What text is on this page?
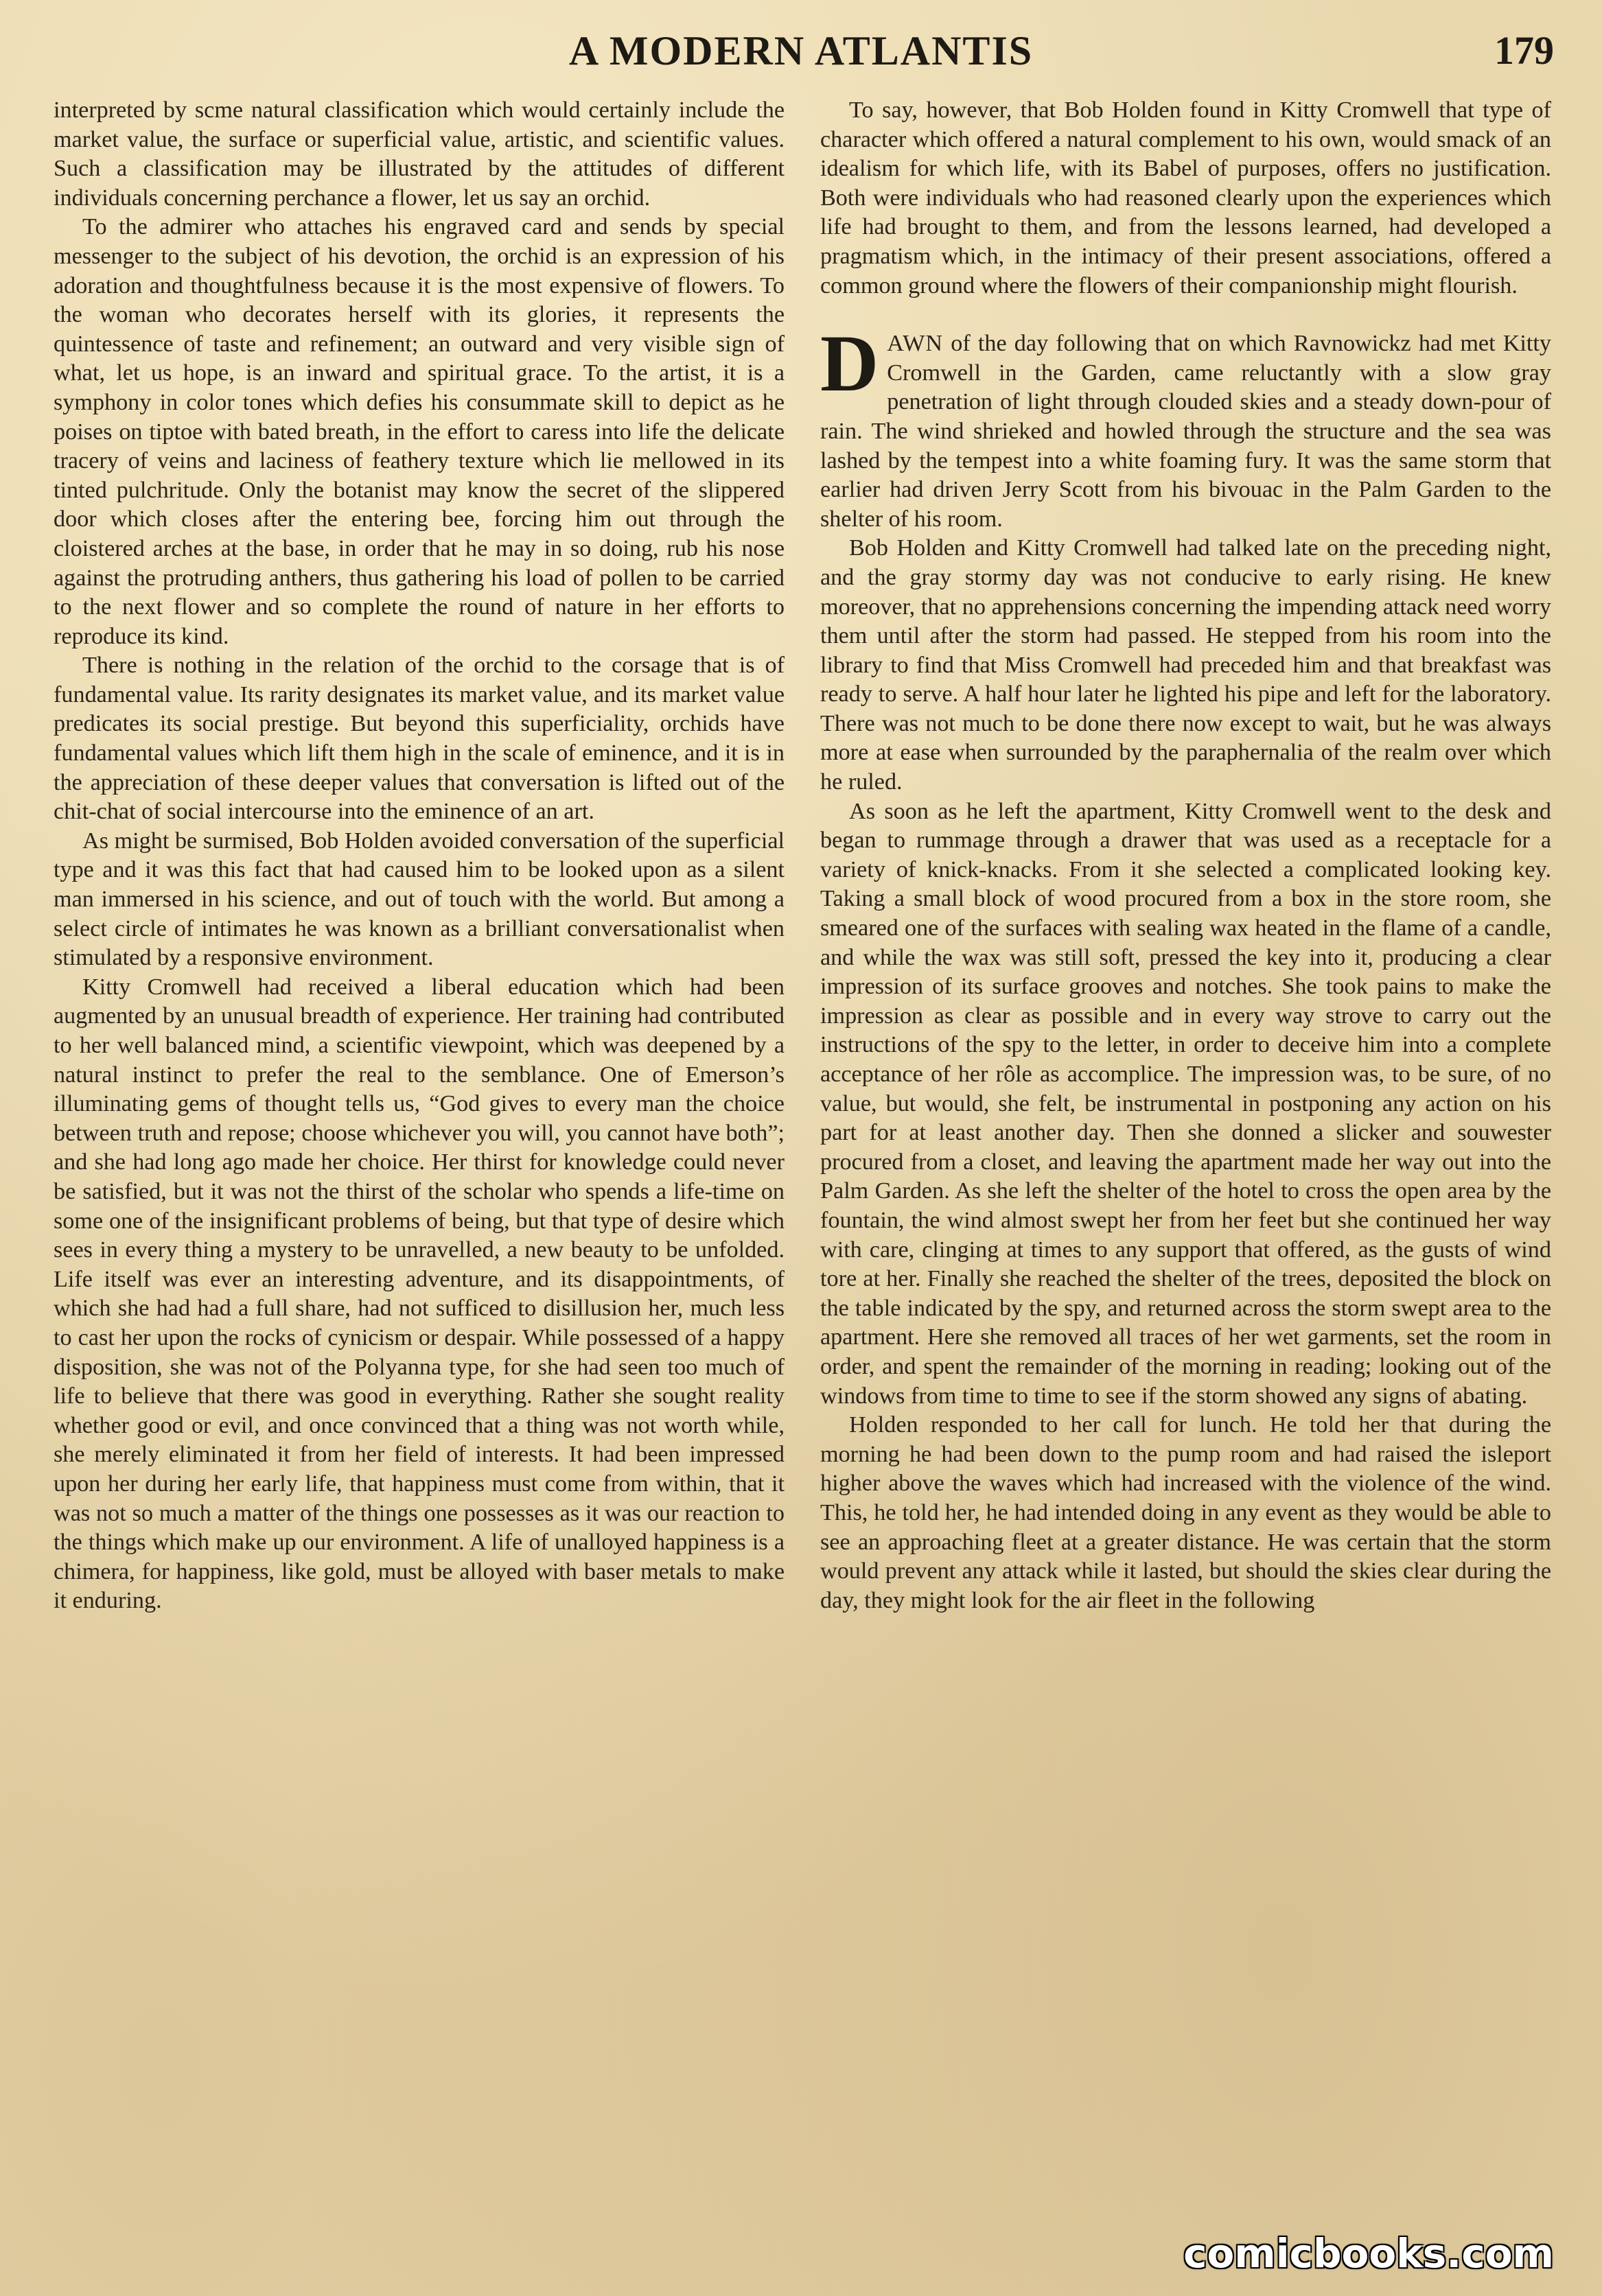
A MODERN ATLANTIS	179

interpreted by scme natural classification which would certainly include the market value, the surface or superficial value, artistic, and scientific values. Such a classification may be illustrated by the attitudes of different individuals concerning perchance a flower, let us say an orchid.

To the admirer who attaches his engraved card and sends by special messenger to the subject of his devotion, the orchid is an expression of his adoration and thoughtfulness because it is the most expensive of flowers. To the woman who decorates herself with its glories, it represents the quintessence of taste and refinement; an outward and very visible sign of what, let us hope, is an inward and spiritual grace. To the artist, it is a symphony in color tones which defies his consummate skill to depict as he poises on tiptoe with bated breath, in the effort to caress into life the delicate tracery of veins and laciness of feathery texture which lie mellowed in its tinted pulchritude. Only the botanist may know the secret of the slippered door which closes after the entering bee, forcing him out through the cloistered arches at the base, in order that he may in so doing, rub his nose against the protruding anthers, thus gathering his load of pollen to be carried to the next flower and so complete the round of nature in her efforts to reproduce its kind.

There is nothing in the relation of the orchid to the corsage that is of fundamental value. Its rarity designates its market value, and its market value predicates its social prestige. But beyond this superficiality, orchids have fundamental values which lift them high in the scale of eminence, and it is in the appreciation of these deeper values that conversation is lifted out of the chit-chat of social intercourse into the eminence of an art.

As might be surmised, Bob Holden avoided conversation of the superficial type and it was this fact that had caused him to be looked upon as a silent man immersed in his science, and out of touch with the world. But among a select circle of intimates he was known as a brilliant conversationalist when stimulated by a responsive environment.

Kitty Cromwell had received a liberal education which had been augmented by an unusual breadth of experience. Her training had contributed to her well balanced mind, a scientific viewpoint, which was deepened by a natural instinct to prefer the real to the semblance. One of Emerson’s illuminating gems of thought tells us, “God gives to every man the choice between truth and repose; choose whichever you will, you cannot have both”; and she had long ago made her choice. Her thirst for knowledge could never be satisfied, but it was not the thirst of the scholar who spends a life-time on some one of the insignificant problems of being, but that type of desire which sees in every thing a mystery to be unravelled, a new beauty to be unfolded. Life itself was ever an interesting adventure, and its disappointments, of which she had had a full share, had not sufficed to disillusion her, much less to cast her upon the rocks of cynicism or despair. While possessed of a happy disposition, she was not of the Polyanna type, for she had seen too much of life to believe that there was good in everything. Rather she sought reality whether good or evil, and once convinced that a thing was not worth while, she merely eliminated it from her field of interests. It had been impressed upon her during her early life, that happiness must come from within, that it was not so much a matter of the things one possesses as it was our reaction to the things which make up our environment. A life of unalloyed happiness is a chimera, for happiness, like gold, must be alloyed with baser metals to make it enduring.

To say, however, that Bob Holden found in Kitty Cromwell that type of character which offered a natural complement to his own, would smack of an idealism for which life, with its Babel of purposes, offers no justification. Both were individuals who had reasoned clearly upon the experiences which life had brought to them, and from the lessons learned, had developed a pragmatism which, in the intimacy of their present associations, offered a common ground where the flowers of their companionship might flourish.

DAWN of the day following that on which Ravnowickz had met Kitty Cromwell in the Garden, came reluctantly with a slow gray penetration of light through clouded skies and a steady down-pour of rain. The wind shrieked and howled through the structure and the sea was lashed by the tempest into a white foaming fury. It was the same storm that earlier had driven Jerry Scott from his bivouac in the Palm Garden to the shelter of his room.

Bob Holden and Kitty Cromwell had talked late on the preceding night, and the gray stormy day was not conducive to early rising. He knew moreover, that no apprehensions concerning the impending attack need worry them until after the storm had passed. He stepped from his room into the library to find that Miss Cromwell had preceded him and that breakfast was ready to serve. A half hour later he lighted his pipe and left for the laboratory. There was not much to be done there now except to wait, but he was always more at ease when surrounded by the paraphernalia of the realm over which he ruled.

As soon as he left the apartment, Kitty Cromwell went to the desk and began to rummage through a drawer that was used as a receptacle for a variety of knick-knacks. From it she selected a complicated looking key. Taking a small block of wood procured from a box in the store room, she smeared one of the surfaces with sealing wax heated in the flame of a candle, and while the wax was still soft, pressed the key into it, producing a clear impression of its surface grooves and notches. She took pains to make the impression as clear as possible and in every way strove to carry out the instructions of the spy to the letter, in order to deceive him into a complete acceptance of her rôle as accomplice. The impression was, to be sure, of no value, but would, she felt, be instrumental in postponing any action on his part for at least another day. Then she donned a slicker and souwester procured from a closet, and leaving the apartment made her way out into the Palm Garden. As she left the shelter of the hotel to cross the open area by the fountain, the wind almost swept her from her feet but she continued her way with care, clinging at times to any support that offered, as the gusts of wind tore at her. Finally she reached the shelter of the trees, deposited the block on the table indicated by the spy, and returned across the storm swept area to the apartment. Here she removed all traces of her wet garments, set the room in order, and spent the remainder of the morning in reading; looking out of the windows from time to time to see if the storm showed any signs of abating.

Holden responded to her call for lunch. He told her that during the morning he had been down to the pump room and had raised the isleport higher above the waves which had increased with the violence of the wind. This, he told her, he had intended doing in any event as they would be able to see an approaching fleet at a greater distance. He was certain that the storm would prevent any attack while it lasted, but should the skies clear during the day, they might look for the air fleet in the following

comicbooks.com
